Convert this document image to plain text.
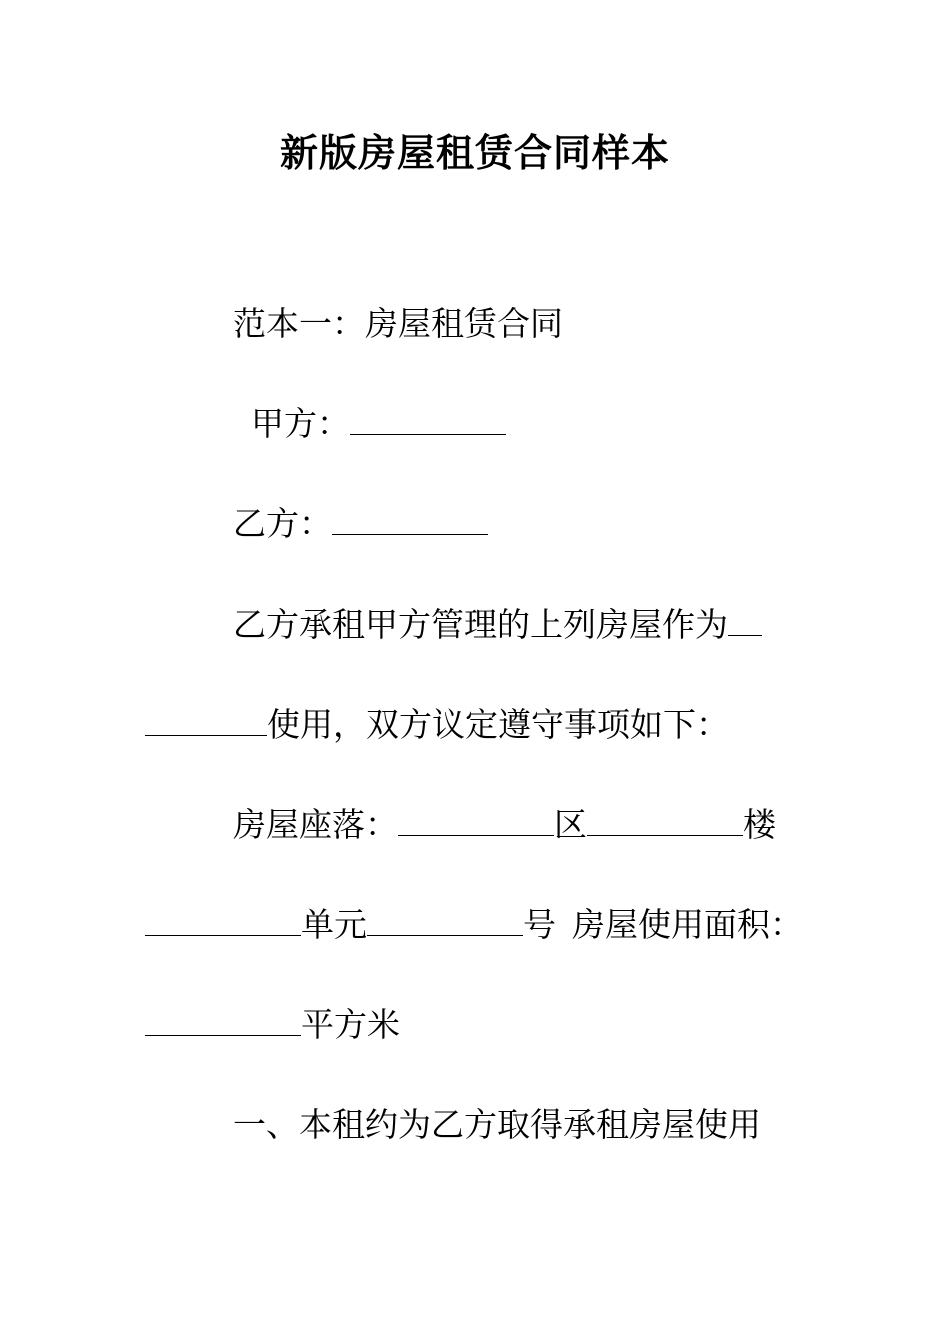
新版房屋租赁合同样本
范本一：房屋租赁合同
甲方：
乙方：
乙方承租甲方管理的上列房屋作为
使用，双方议定遵守事项如下：
房屋座落：	区	楼
单元	号 房屋使用面积：
平方米
一、本租约为乙方取得承租房屋使用
